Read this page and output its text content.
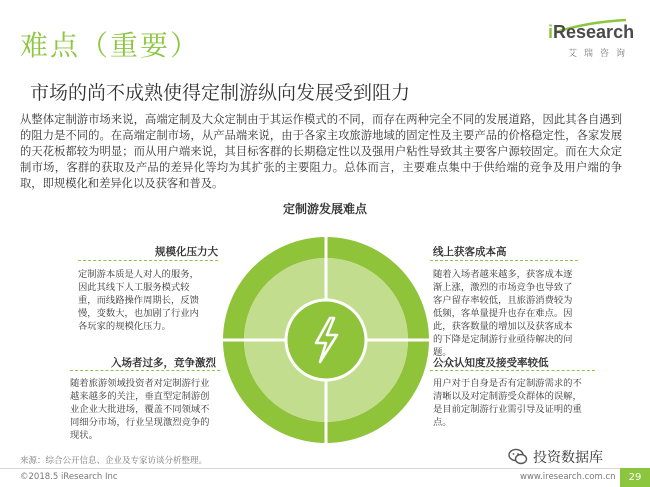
难点（重要）
市场的尚不成熟使得定制游纵向发展受到阻力
iResearch
艾瑞咨询
从整体定制游市场来说，高端定制及大众定制由于其运作模式的不同，而存在两种完全不同的发展道路，因此其各自遇到的阻力是不同的。在高端定制市场，从产品端来说，由于各家主攻旅游地域的固定性及主要产品的价格稳定性，各家发展的天花板都较为明显；而从用户端来说，其目标客群的长期稳定性以及强用户粘性导致其主要客户源较固定。而在大众定制市场，客群的获取及产品的差异化等均为其扩张的主要阻力。总体而言，主要难点集中于供给端的竞争及用户端的争取，即规模化和差异化以及获客和普及。
定制游发展难点
规模化压力大
定制游本质是人对人的服务，因此其线下人工服务模式较重，而线路操作周期长，反馈慢，变数大，也加剧了行业内各玩家的规模化压力。
线上获客成本高
随着入场者越来越多，获客成本逐渐上涨，激烈的市场竞争也导致了客户留存率较低，且旅游消费较为低频，客单量提升也存在难点。因此，获客数量的增加以及获客成本的下降是定制游行业亟待解决的问题。
入场者过多，竞争激烈
随着旅游领域投资者对定制游行业越来越多的关注，垂直型定制游创业企业大批进场，覆盖不同领域不同细分市场，行业呈现激烈竞争的现状。
公众认知度及接受率较低
用户对于自身是否有定制游需求的不清晰以及对定制游受众群体的误解，是目前定制游行业需引导及证明的重点。
来源：综合公开信息、企业及专家访谈分析整理。	投资数据库
©2018.5 iResearch Inc	www.iresearch.com.cn	29
